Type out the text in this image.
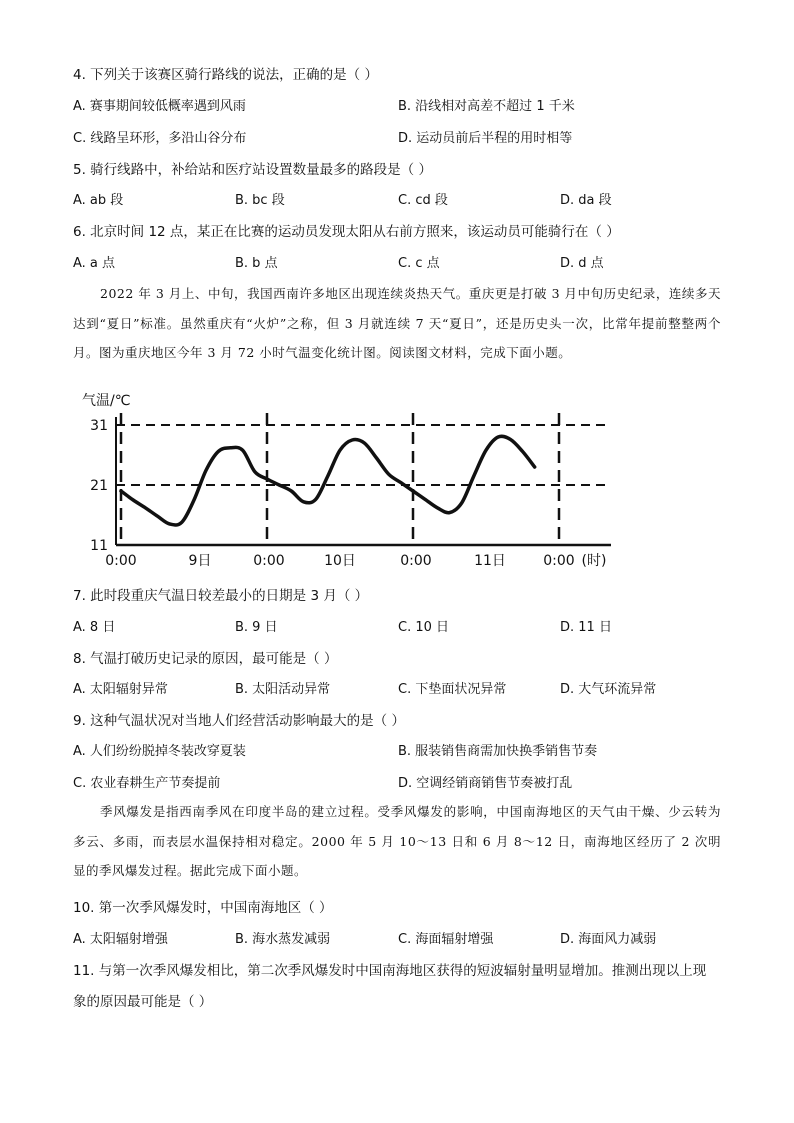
4. 下列关于该赛区骑行路线的说法，正确的是（ ）
A. 赛事期间较低概率遇到风雨	B. 沿线相对高差不超过 1 千米
C. 线路呈环形，多沿山谷分布	D. 运动员前后半程的用时相等
5. 骑行线路中，补给站和医疗站设置数量最多的路段是（ ）
A. ab 段	B. bc 段	C. cd 段	D. da 段
6. 北京时间 12 点，某正在比赛的运动员发现太阳从右前方照来，该运动员可能骑行在（ ）
A. a 点	B. b 点	C. c 点	D. d 点

2022 年 3 月上、中旬，我国西南许多地区出现连续炎热天气。重庆更是打破 3 月中旬历史纪录，连续多天达到“夏日”标准。虽然重庆有“火炉”之称，但 3 月就连续 7 天“夏日”，还是历史头一次，比常年提前整整两个月。图为重庆地区今年 3 月 72 小时气温变化统计图。阅读图文材料，完成下面小题。

气温/℃
31
21
11
0:00	9日	0:00	10日	0:00	11日	0:00 (时)
7. 此时段重庆气温日较差最小的日期是 3 月（ ）
A. 8 日	B. 9 日	C. 10 日	D. 11 日
8. 气温打破历史记录的原因，最可能是（ ）
A. 太阳辐射异常	B. 太阳活动异常	C. 下垫面状况异常	D. 大气环流异常
9. 这种气温状况对当地人们经营活动影响最大的是（ ）
A. 人们纷纷脱掉冬装改穿夏装	B. 服装销售商需加快换季销售节奏
C. 农业春耕生产节奏提前	D. 空调经销商销售节奏被打乱

季风爆发是指西南季风在印度半岛的建立过程。受季风爆发的影响，中国南海地区的天气由干燥、少云转为多云、多雨，而表层水温保持相对稳定。2000 年 5 月 10～13 日和 6 月 8～12 日，南海地区经历了 2 次明显的季风爆发过程。据此完成下面小题。

10. 第一次季风爆发时，中国南海地区（ ）
A. 太阳辐射增强	B. 海水蒸发减弱	C. 海面辐射增强	D. 海面风力减弱
11. 与第一次季风爆发相比，第二次季风爆发时中国南海地区获得的短波辐射量明显增加。推测出现以上现
象的原因最可能是（ ）
